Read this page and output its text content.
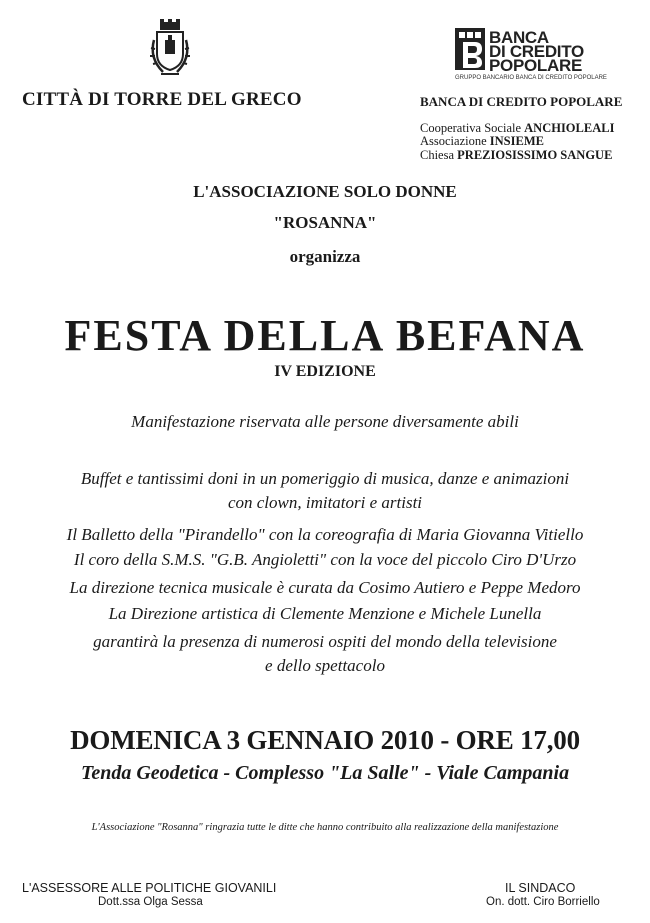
CITTÀ DI TORRE DEL GRECO
BANCA
DI CREDITO
POPOLARE
GRUPPO BANCARIO BANCA DI CREDITO POPOLARE
BANCA DI CREDITO POPOLARE
Cooperativa Sociale ANCHIOLEALI
Associazione INSIEME
Chiesa PREZIOSISSIMO SANGUE
L'ASSOCIAZIONE SOLO DONNE
"ROSANNA"
organizza
FESTA DELLA BEFANA
IV EDIZIONE
Manifestazione riservata alle persone diversamente abili
Buffet e tantissimi doni in un pomeriggio di musica, danze e animazioni
con clown, imitatori e artisti
Il Balletto della "Pirandello" con la coreografia di Maria Giovanna Vitiello
Il coro della S.M.S. "G.B. Angioletti" con la voce del piccolo Ciro D'Urzo
La direzione tecnica musicale è curata da Cosimo Autiero e Peppe Medoro
La Direzione artistica di Clemente Menzione e Michele Lunella
garantirà la presenza di numerosi ospiti del mondo della televisione
e dello spettacolo
DOMENICA 3 GENNAIO 2010 - ORE 17,00
Tenda Geodetica - Complesso "La Salle" - Viale Campania
L'Associazione "Rosanna" ringrazia tutte le ditte che hanno contribuito alla realizzazione della manifestazione
L'ASSESSORE ALLE POLITICHE GIOVANILI
Dott.ssa Olga Sessa
IL SINDACO
On. dott. Ciro Borriello
